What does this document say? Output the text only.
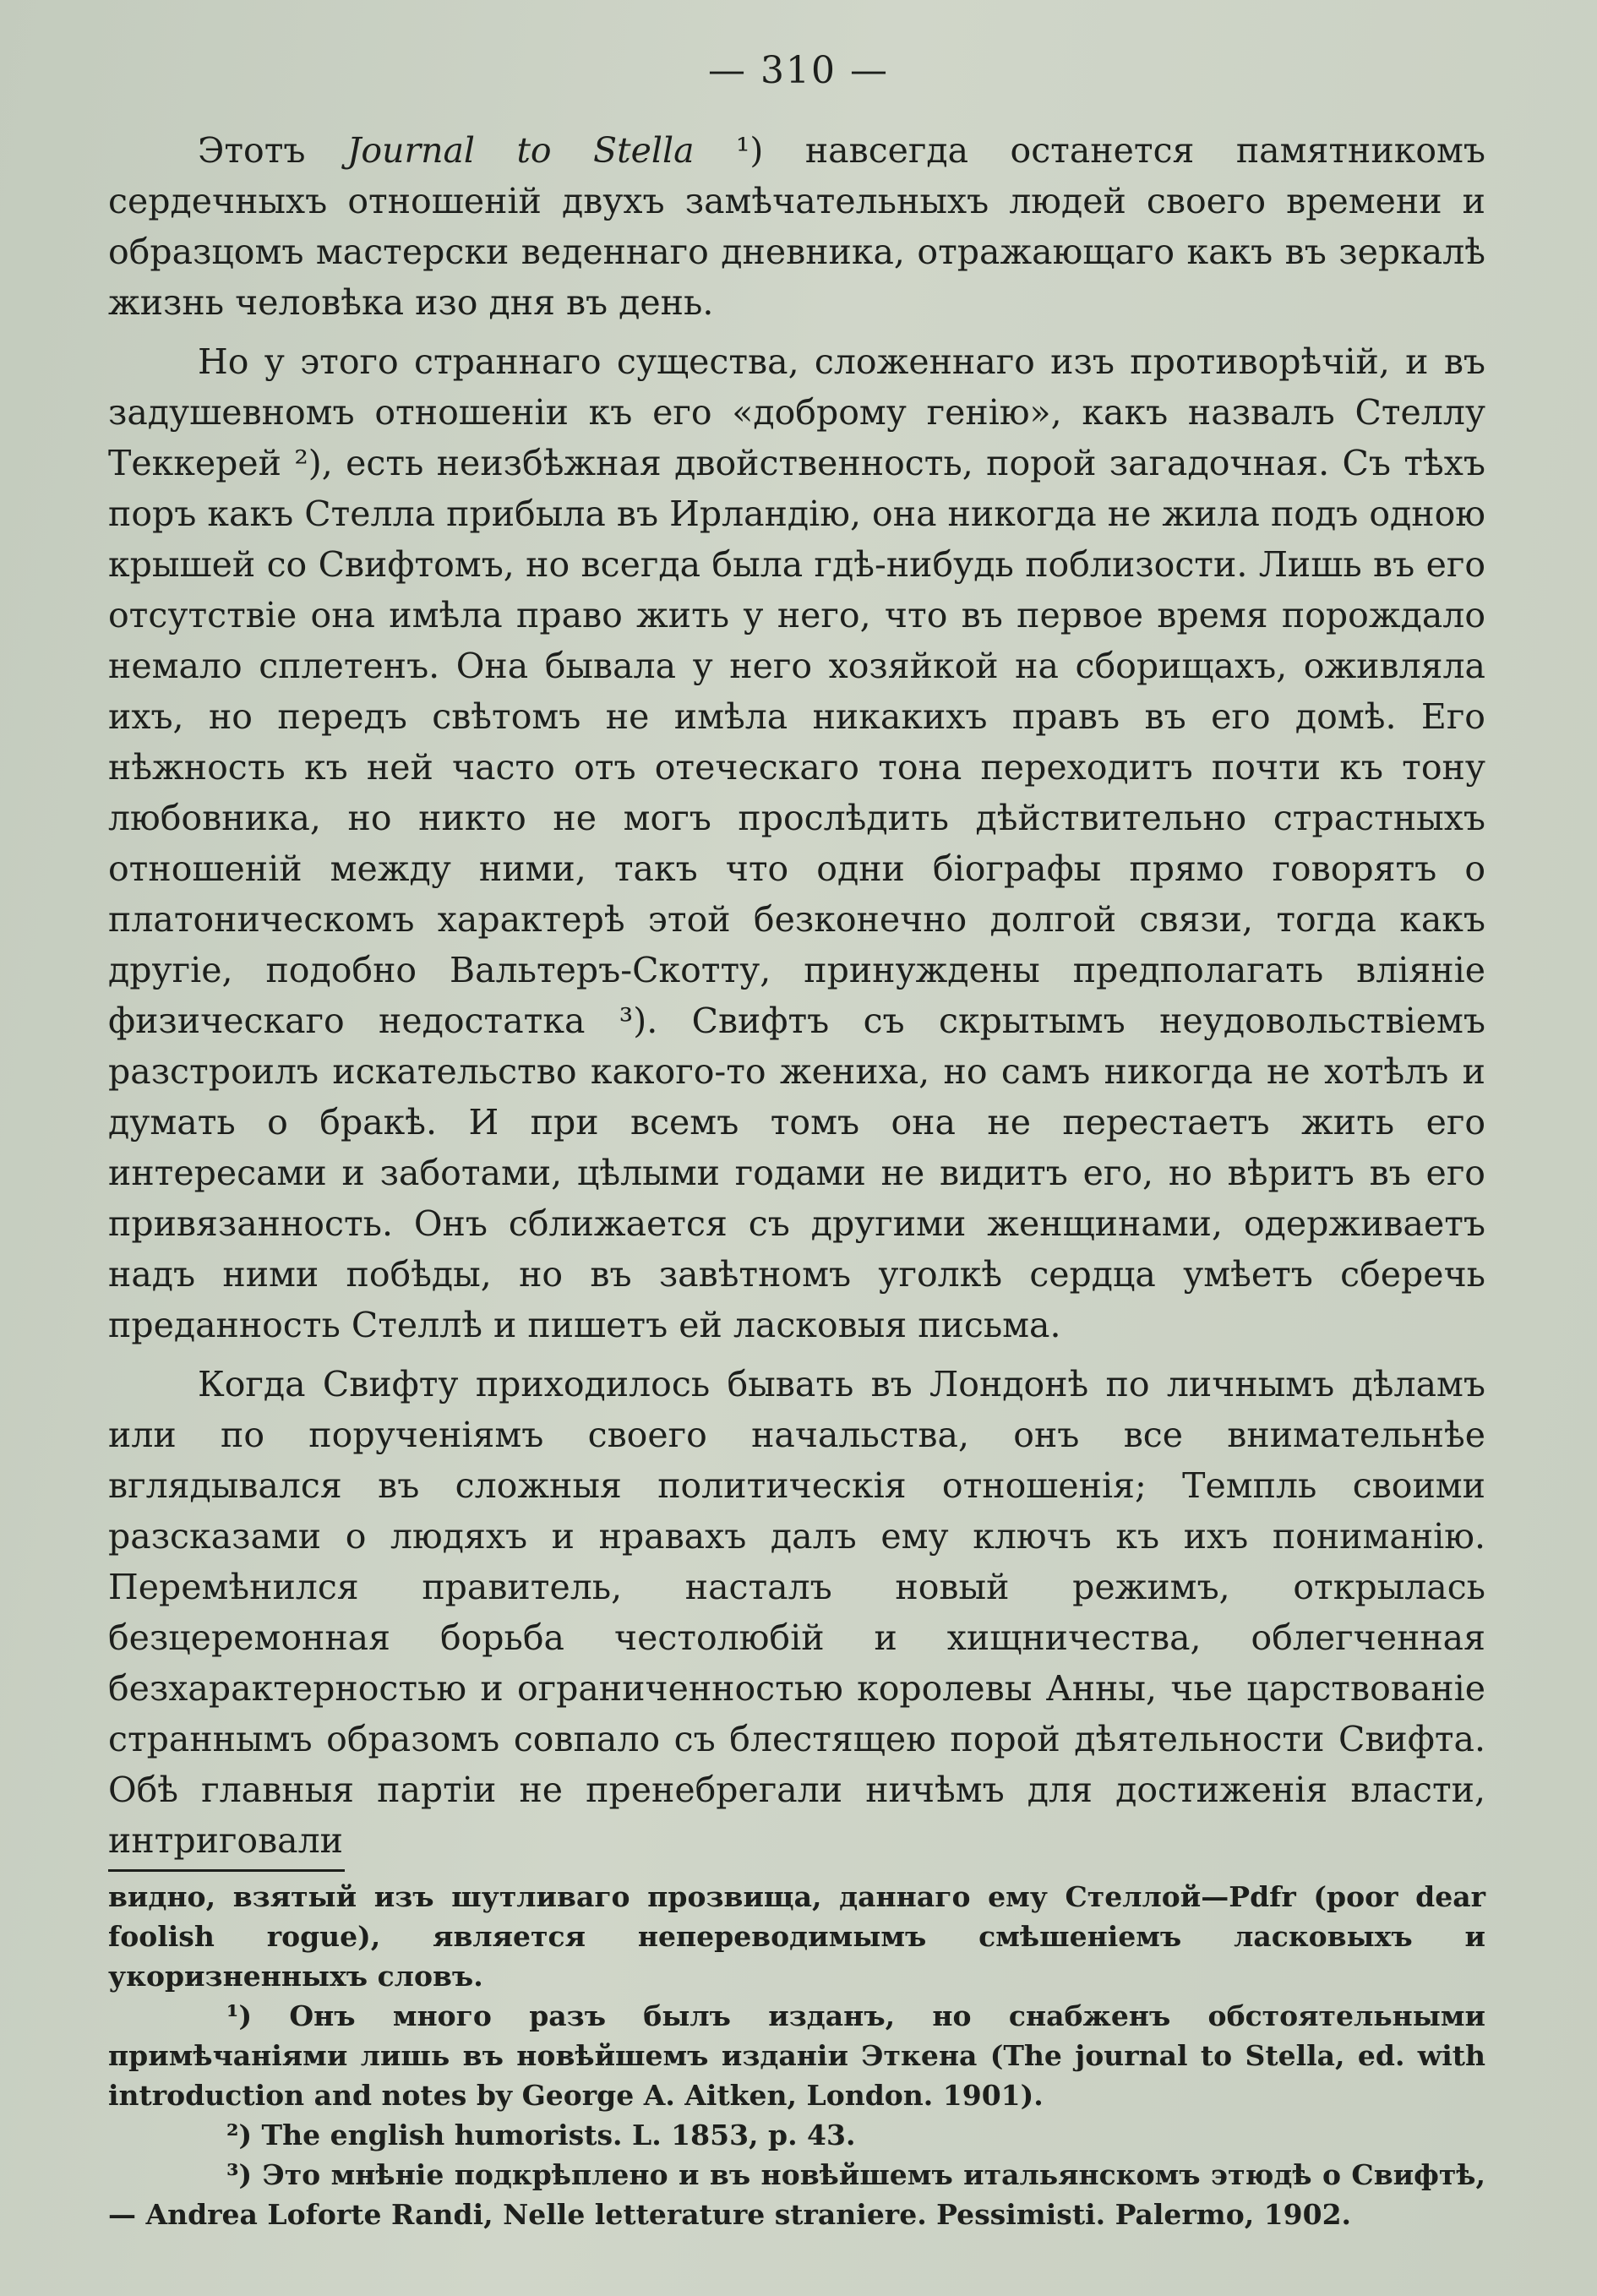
— 310 —

Этотъ Journal to Stella ¹) навсегда останется памятникомъ сердечныхъ отношеній двухъ замѣчательныхъ людей своего времени и образцомъ мастерски веденнаго дневника, отражающаго какъ въ зеркалѣ жизнь человѣка изо дня въ день.

Но у этого страннаго существа, сложеннаго изъ противорѣчій, и въ задушевномъ отношеніи къ его «доброму генію», какъ назвалъ Стеллу Теккерей ²), есть неизбѣжная двойственность, порой загадочная. Съ тѣхъ поръ какъ Стелла прибыла въ Ирландію, она никогда не жила подъ одною крышей со Свифтомъ, но всегда была гдѣ-нибудь поблизости. Лишь въ его отсутствіе она имѣла право жить у него, что въ первое время порождало немало сплетенъ. Она бывала у него хозяйкой на сборищахъ, оживляла ихъ, но передъ свѣтомъ не имѣла никакихъ правъ въ его домѣ. Его нѣжность къ ней часто отъ отеческаго тона переходитъ почти къ тону любовника, но никто не могъ прослѣдить дѣйствительно страстныхъ отношеній между ними, такъ что одни біографы прямо говорятъ о платоническомъ характерѣ этой безконечно долгой связи, тогда какъ другіе, подобно Вальтеръ-Скотту, принуждены предполагать вліяніе физическаго недостатка ³). Свифтъ съ скрытымъ неудовольствіемъ разстроилъ искательство какого-то жениха, но самъ никогда не хотѣлъ и думать о бракѣ. И при всемъ томъ она не перестаетъ жить его интересами и заботами, цѣлыми годами не видитъ его, но вѣритъ въ его привязанность. Онъ сближается съ другими женщинами, одерживаетъ надъ ними побѣды, но въ завѣтномъ уголкѣ сердца умѣетъ сберечь преданность Стеллѣ и пишетъ ей ласковыя письма.

Когда Свифту приходилось бывать въ Лондонѣ по личнымъ дѣламъ или по порученіямъ своего начальства, онъ все внимательнѣе вглядывался въ сложныя политическія отношенія; Темпль своими разсказами о людяхъ и нравахъ далъ ему ключъ къ ихъ пониманію. Перемѣнился правитель, насталъ новый режимъ, открылась безцеремонная борьба честолюбій и хищничества, облегченная безхарактерностью и ограниченностью королевы Анны, чье царствованіе страннымъ образомъ совпало съ блестящею порой дѣятельности Свифта. Обѣ главныя партіи не пренебрегали ничѣмъ для достиженія власти, интриговали

видно, взятый изъ шутливаго прозвища, даннаго ему Стеллой—Pdfr (poor dear foolish rogue), является непереводимымъ смѣшеніемъ ласковыхъ и укоризненныхъ словъ.

¹) Онъ много разъ былъ изданъ, но снабженъ обстоятельными примѣчаніями лишь въ новѣйшемъ изданіи Эткена (The journal to Stella, ed. with introduction and notes by George A. Aitken, London. 1901).

²) The english humorists. L. 1853, p. 43.

³) Это мнѣніе подкрѣплено и въ новѣйшемъ итальянскомъ этюдѣ о Свифтѣ,— Andrea Loforte Randi, Nelle letterature straniere. Pessimisti. Palermo, 1902.
